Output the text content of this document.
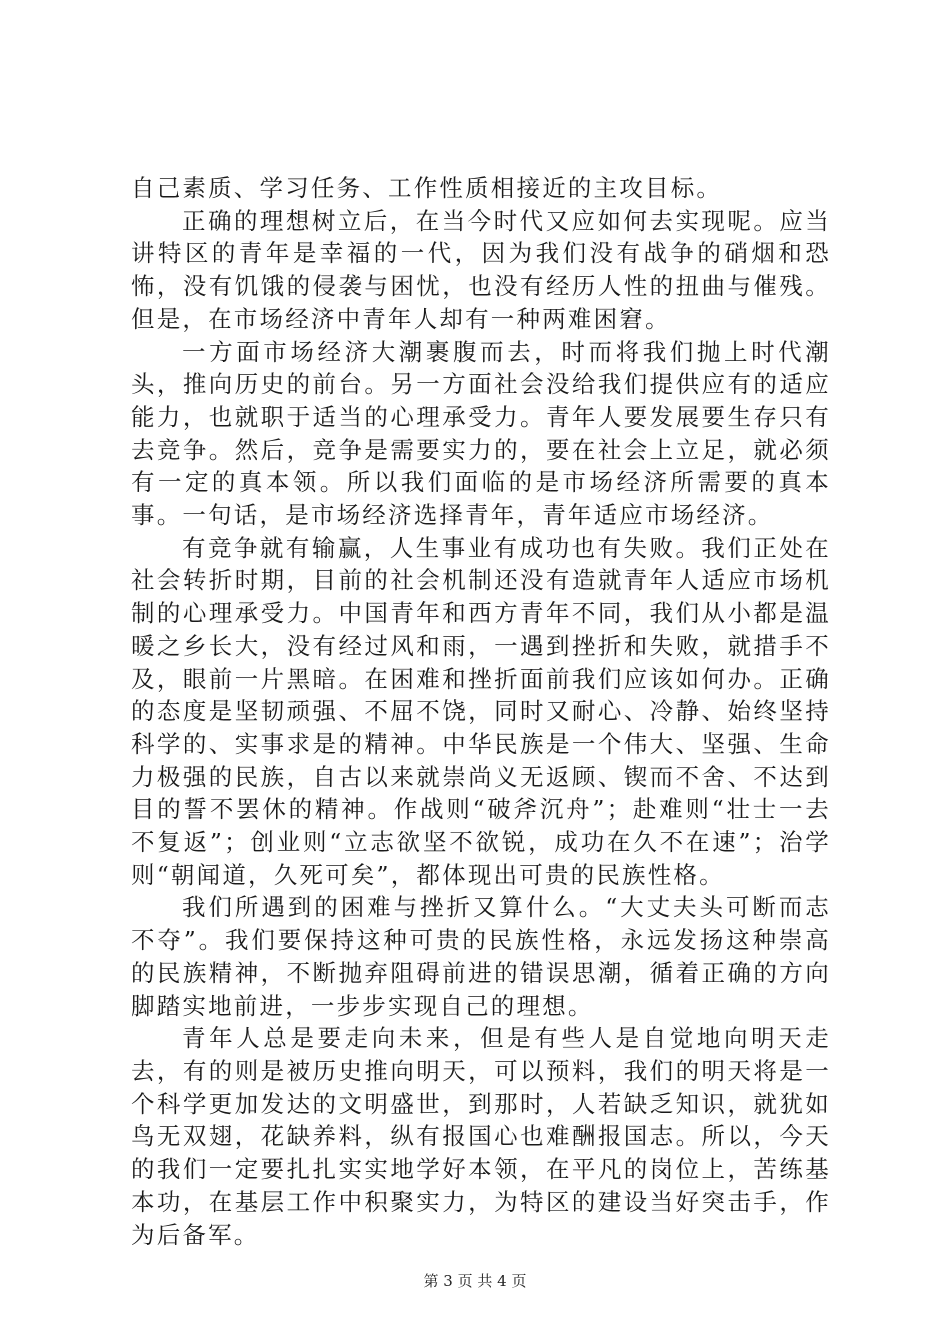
自己素质、学习任务、工作性质相接近的主攻目标。

正确的理想树立后，在当今时代又应如何去实现呢。应当讲特区的青年是幸福的一代，因为我们没有战争的硝烟和恐怖，没有饥饿的侵袭与困忧，也没有经历人性的扭曲与催残。但是，在市场经济中青年人却有一种两难困窘。

一方面市场经济大潮裹腹而去，时而将我们抛上时代潮头，推向历史的前台。另一方面社会没给我们提供应有的适应能力，也就职于适当的心理承受力。青年人要发展要生存只有去竞争。然后，竞争是需要实力的，要在社会上立足，就必须有一定的真本领。所以我们面临的是市场经济所需要的真本事。一句话，是市场经济选择青年，青年适应市场经济。

有竞争就有输赢，人生事业有成功也有失败。我们正处在社会转折时期，目前的社会机制还没有造就青年人适应市场机制的心理承受力。中国青年和西方青年不同，我们从小都是温暖之乡长大，没有经过风和雨，一遇到挫折和失败，就措手不及，眼前一片黑暗。在困难和挫折面前我们应该如何办。正确的态度是坚韧顽强、不屈不饶，同时又耐心、冷静、始终坚持科学的、实事求是的精神。中华民族是一个伟大、坚强、生命力极强的民族，自古以来就崇尚义无返顾、锲而不舍、不达到目的誓不罢休的精神。作战则“破斧沉舟”；赴难则“壮士一去不复返”；创业则“立志欲坚不欲锐，成功在久不在速”；治学则“朝闻道，久死可矣”，都体现出可贵的民族性格。

我们所遇到的困难与挫折又算什么。“大丈夫头可断而志不夺”。我们要保持这种可贵的民族性格，永远发扬这种崇高的民族精神，不断抛弃阻碍前进的错误思潮，循着正确的方向脚踏实地前进，一步步实现自己的理想。

青年人总是要走向未来，但是有些人是自觉地向明天走去，有的则是被历史推向明天，可以预料，我们的明天将是一个科学更加发达的文明盛世，到那时，人若缺乏知识，就犹如鸟无双翅，花缺养料，纵有报国心也难酬报国志。所以，今天的我们一定要扎扎实实地学好本领，在平凡的岗位上，苦练基本功，在基层工作中积聚实力，为特区的建设当好突击手，作为后备军。

第 3 页 共 4 页
